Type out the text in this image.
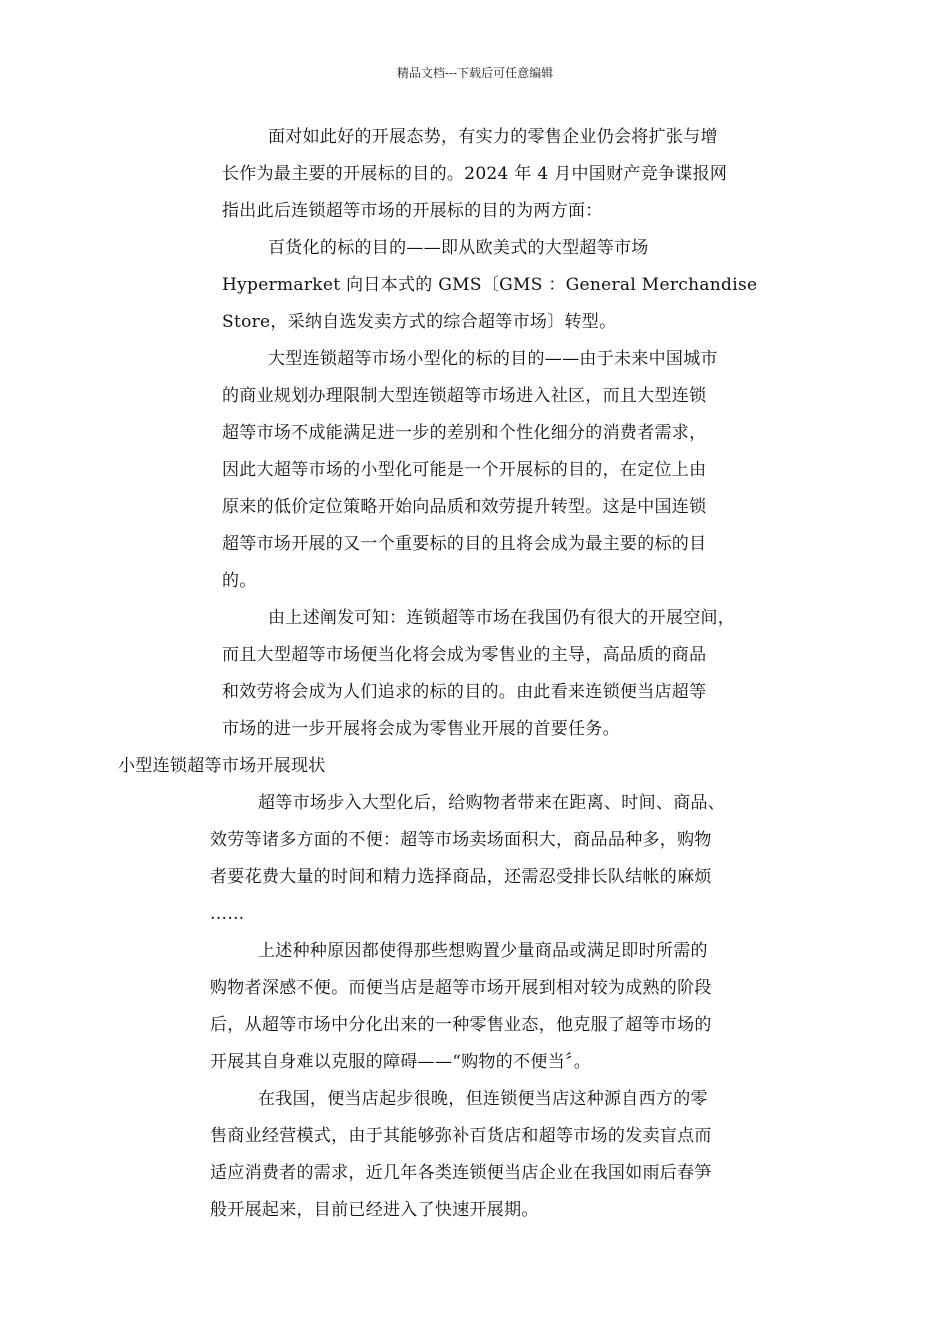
精品文档---下载后可任意编辑
面对如此好的开展态势，有实力的零售企业仍会将扩张与增
长作为最主要的开展标的目的。2024 年 4 月中国财产竞争谍报网
指出此后连锁超等市场的开展标的目的为两方面：
百货化的标的目的——即从欧美式的大型超等市场
Hypermarket 向日本式的 GMS〔GMS ：General Merchandise
Store，采纳自选发卖方式的综合超等市场〕转型。
大型连锁超等市场小型化的标的目的——由于未来中国城市
的商业规划办理限制大型连锁超等市场进入社区，而且大型连锁
超等市场不成能满足进一步的差别和个性化细分的消费者需求，
因此大超等市场的小型化可能是一个开展标的目的，在定位上由
原来的低价定位策略开始向品质和效劳提升转型。这是中国连锁
超等市场开展的又一个重要标的目的且将会成为最主要的标的目
的。
由上述阐发可知：连锁超等市场在我国仍有很大的开展空间，
而且大型超等市场便当化将会成为零售业的主导，高品质的商品
和效劳将会成为人们追求的标的目的。由此看来连锁便当店超等
市场的进一步开展将会成为零售业开展的首要任务。
小型连锁超等市场开展现状
超等市场步入大型化后，给购物者带来在距离、时间、商品、
效劳等诸多方面的不便：超等市场卖场面积大，商品品种多，购物
者要花费大量的时间和精力选择商品，还需忍受排长队结帐的麻烦
……
上述种种原因都使得那些想购置少量商品或满足即时所需的
购物者深感不便。而便当店是超等市场开展到相对较为成熟的阶段
后，从超等市场中分化出来的一种零售业态，他克服了超等市场的
开展其自身难以克服的障碍——“购物的不便当〞。
在我国，便当店起步很晚，但连锁便当店这种源自西方的零
售商业经营模式，由于其能够弥补百货店和超等市场的发卖盲点而
适应消费者的需求，近几年各类连锁便当店企业在我国如雨后春笋
般开展起来，目前已经进入了快速开展期。
